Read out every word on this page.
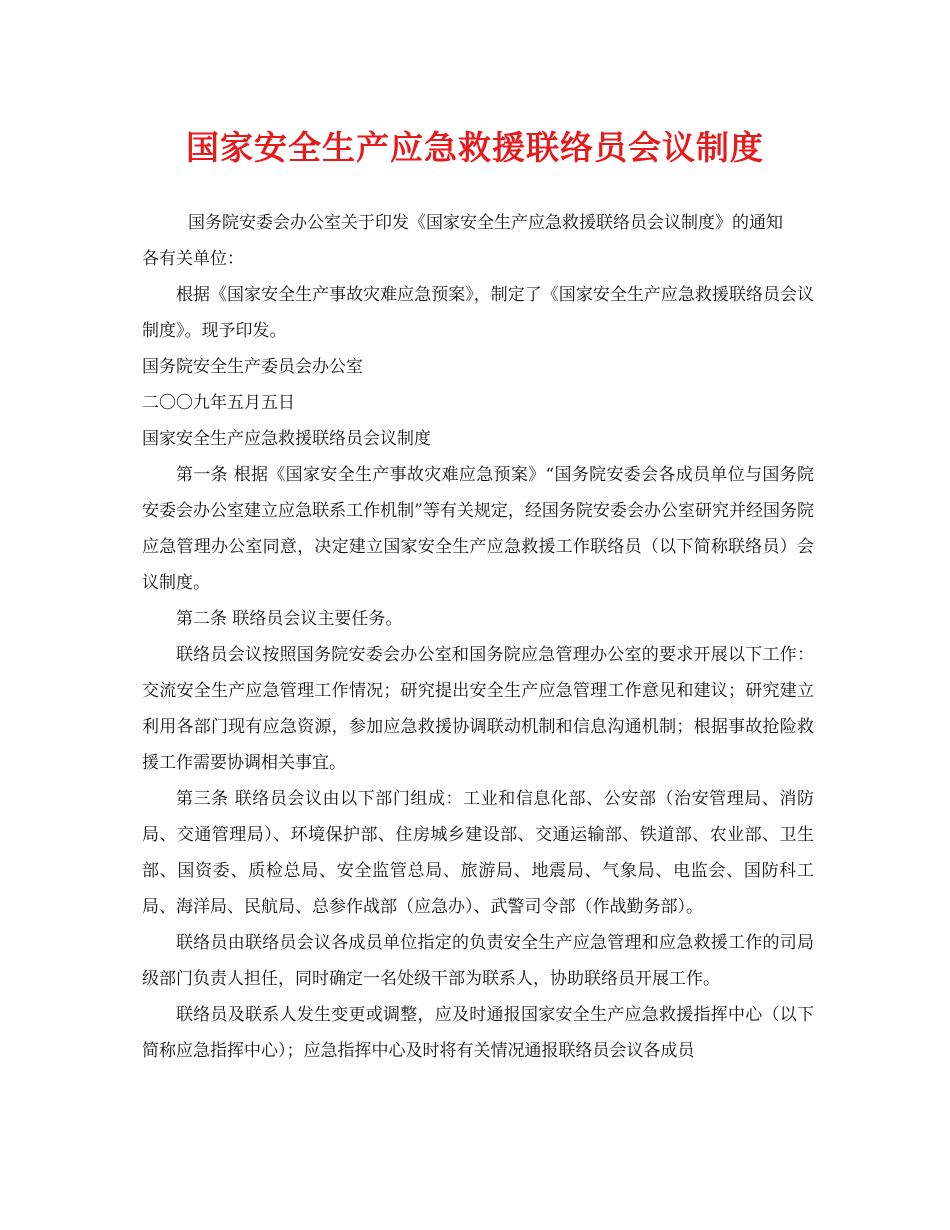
国家安全生产应急救援联络员会议制度

国务院安委会办公室关于印发《国家安全生产应急救援联络员会议制度》的通知

各有关单位：

根据《国家安全生产事故灾难应急预案》，制定了《国家安全生产应急救援联络员会议制度》。现予印发。

国务院安全生产委员会办公室

二〇〇九年五月五日

国家安全生产应急救援联络员会议制度

第一条 根据《国家安全生产事故灾难应急预案》“国务院安委会各成员单位与国务院安委会办公室建立应急联系工作机制”等有关规定，经国务院安委会办公室研究并经国务院应急管理办公室同意，决定建立国家安全生产应急救援工作联络员（以下简称联络员）会议制度。

第二条 联络员会议主要任务。

联络员会议按照国务院安委会办公室和国务院应急管理办公室的要求开展以下工作：交流安全生产应急管理工作情况；研究提出安全生产应急管理工作意见和建议；研究建立利用各部门现有应急资源，参加应急救援协调联动机制和信息沟通机制；根据事故抢险救援工作需要协调相关事宜。

第三条 联络员会议由以下部门组成：工业和信息化部、公安部（治安管理局、消防局、交通管理局）、环境保护部、住房城乡建设部、交通运输部、铁道部、农业部、卫生部、国资委、质检总局、安全监管总局、旅游局、地震局、气象局、电监会、国防科工局、海洋局、民航局、总参作战部（应急办）、武警司令部（作战勤务部）。

联络员由联络员会议各成员单位指定的负责安全生产应急管理和应急救援工作的司局级部门负责人担任，同时确定一名处级干部为联系人，协助联络员开展工作。

联络员及联系人发生变更或调整，应及时通报国家安全生产应急救援指挥中心（以下简称应急指挥中心）；应急指挥中心及时将有关情况通报联络员会议各成员
